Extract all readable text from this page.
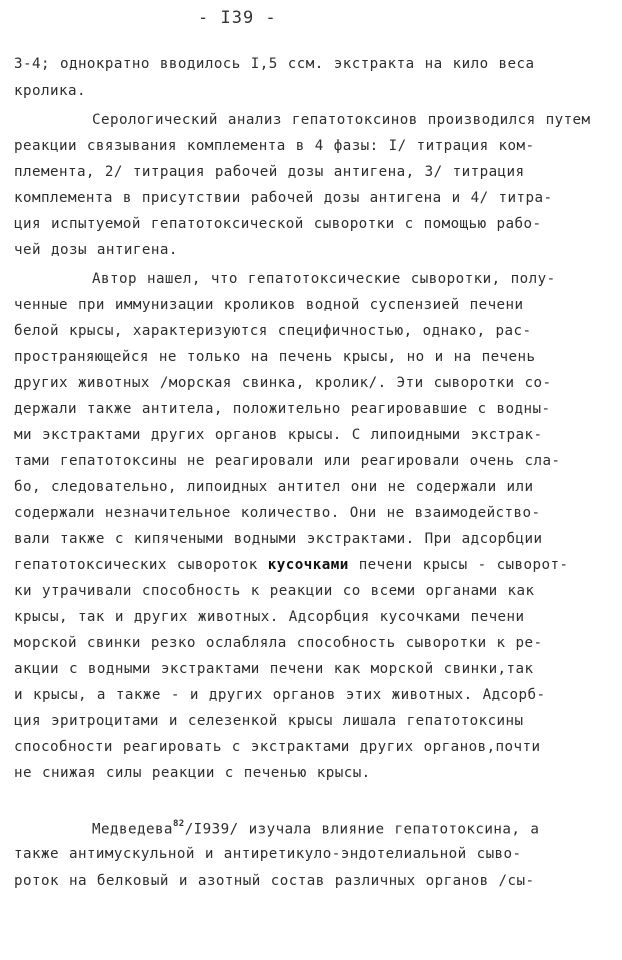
- I39 -
3-4; однократно вводилось I,5 ссм. экстракта на кило веса
кролика.
Серологический анализ гепатотоксинов производился путем
реакции связывания комплемента в 4 фазы: I/ титрация ком-
племента, 2/ титрация рабочей дозы антигена, 3/ титрация
комплемента в присутствии рабочей дозы антигена и 4/ титра-
ция испытуемой гепатотоксической сыворотки с помощью рабо-
чей дозы антигена.
Автор нашел, что гепатотоксические сыворотки, полу-
ченные при иммунизации кроликов водной суспензией печени
белой крысы, характеризуются специфичностью, однако, рас-
пространяющейся не только на печень крысы, но и на печень
других животных /морская свинка, кролик/. Эти сыворотки со-
держали также антитела, положительно реагировавшие с водны-
ми экстрактами других органов крысы. С липоидными экстрак-
тами гепатотоксины не реагировали или реагировали очень сла-
бо, следовательно, липоидных антител они не содержали или
содержали незначительное количество. Они не взаимодейство-
вали также с кипячеными водными экстрактами. При адсорбции
гепатотоксических сывороток кусочками печени крысы - сыворот-
ки утрачивали способность к реакции со всеми органами как
крысы, так и других животных. Адсорбция кусочками печени
морской свинки резко ослабляла способность сыворотки к ре-
акции с водными экстрактами печени как морской свинки,так
и крысы, а также - и других органов этих животных. Адсорб-
ция эритроцитами и селезенкой крысы лишала гепатотоксины
способности реагировать с экстрактами других органов,почти
не снижая силы реакции с печенью крысы.
Медведева$^{82}$/I939/ изучала влияние гепатотоксина, а
также антимускульной и антиретикуло-эндотелиальной сыво-
роток на белковый и азотный состав различных органов /сы-
